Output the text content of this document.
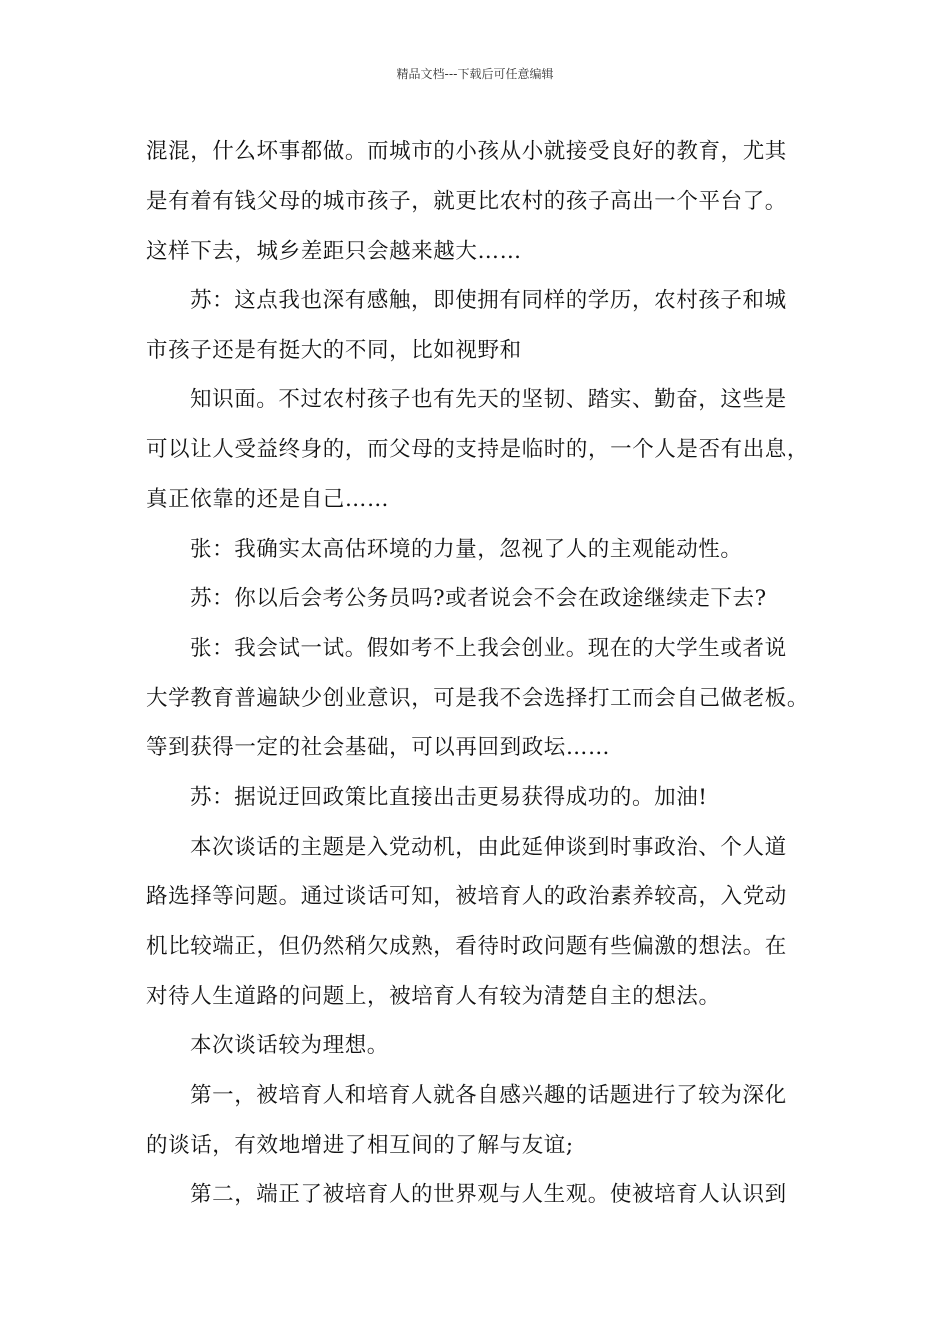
精品文档---下载后可任意编辑
混混，什么坏事都做。而城市的小孩从小就接受良好的教育，尤其
是有着有钱父母的城市孩子，就更比农村的孩子高出一个平台了。
这样下去，城乡差距只会越来越大……
苏：这点我也深有感触，即使拥有同样的学历，农村孩子和城
市孩子还是有挺大的不同，比如视野和
知识面。不过农村孩子也有先天的坚韧、踏实、勤奋，这些是
可以让人受益终身的，而父母的支持是临时的，一个人是否有出息，
真正依靠的还是自己……
张：我确实太高估环境的力量，忽视了人的主观能动性。
苏：你以后会考公务员吗?或者说会不会在政途继续走下去?
张：我会试一试。假如考不上我会创业。现在的大学生或者说
大学教育普遍缺少创业意识，可是我不会选择打工而会自己做老板。
等到获得一定的社会基础，可以再回到政坛……
苏：据说迂回政策比直接出击更易获得成功的。加油!
本次谈话的主题是入党动机，由此延伸谈到时事政治、个人道
路选择等问题。通过谈话可知，被培育人的政治素养较高，入党动
机比较端正，但仍然稍欠成熟，看待时政问题有些偏激的想法。在
对待人生道路的问题上，被培育人有较为清楚自主的想法。
本次谈话较为理想。
第一，被培育人和培育人就各自感兴趣的话题进行了较为深化
的谈话，有效地增进了相互间的了解与友谊;
第二，端正了被培育人的世界观与人生观。使被培育人认识到
